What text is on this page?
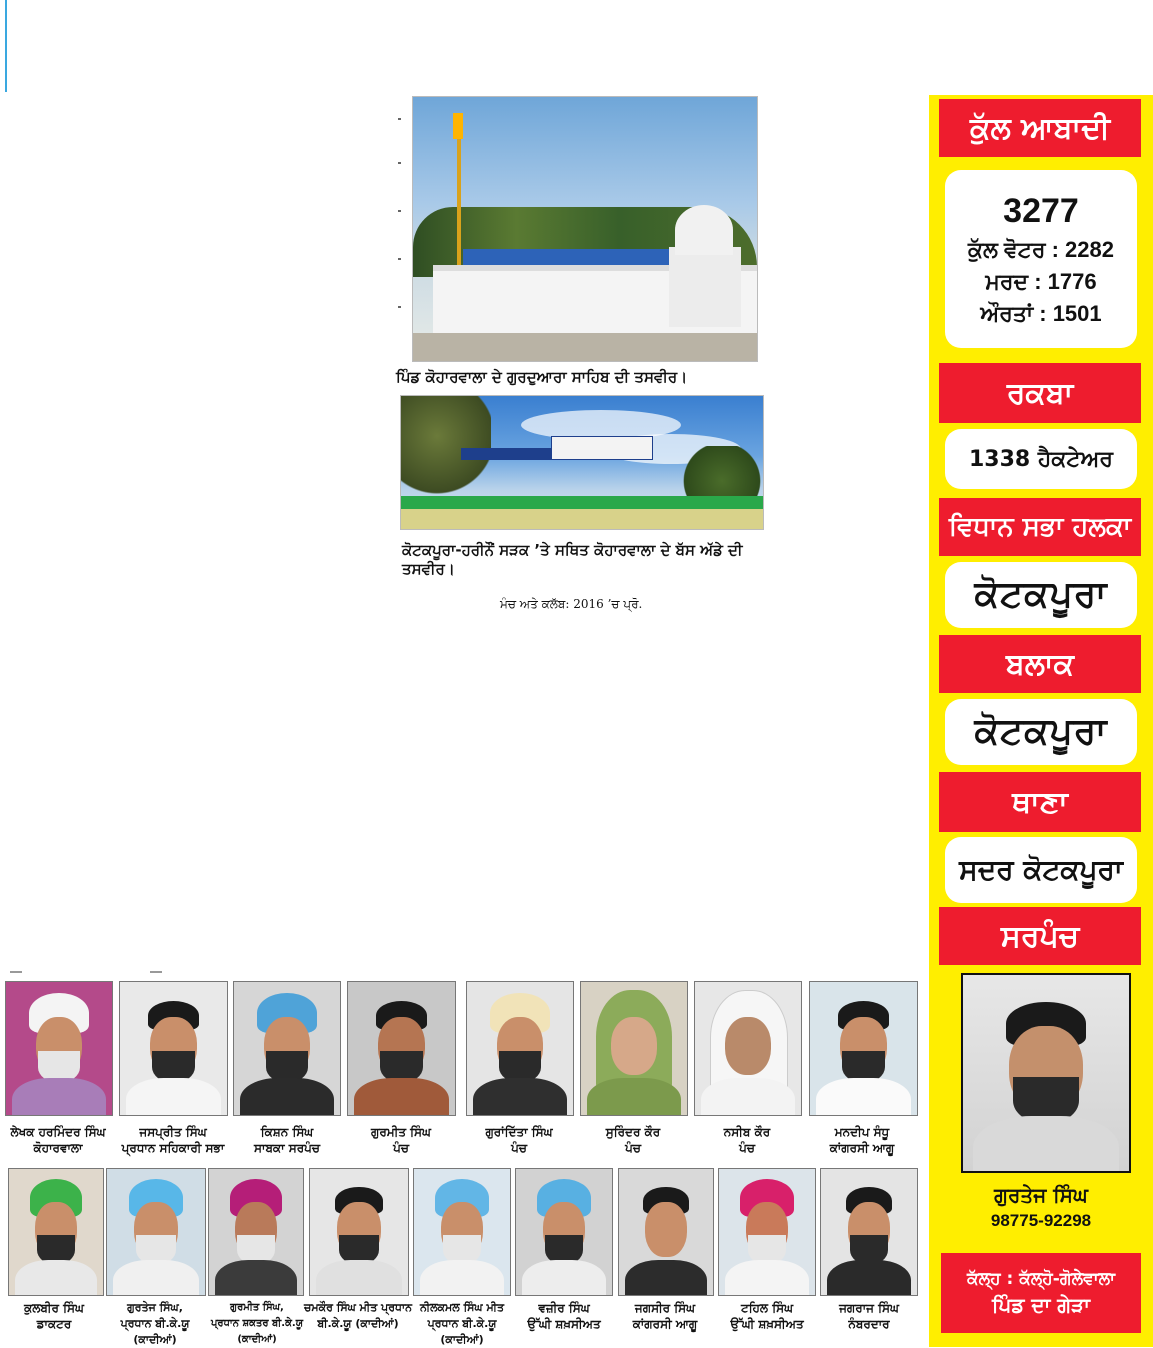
ਪਿੰਡ ਕੋਹਾਰਵਾਲਾ ਦੇ ਗੁਰਦੁਆਰਾ ਸਾਹਿਬ ਦੀ ਤਸਵੀਰ।
ਕੋਟਕਪੂਰਾ-ਹਰੀਨੌਂ ਸੜਕ ’ਤੇ ਸਥਿਤ ਕੋਹਾਰਵਾਲਾ ਦੇ ਬੱਸ ਅੱਡੇ ਦੀ ਤਸਵੀਰ।
ਮੰਚ ਅਤੇ ਕਲੱਬ: 2016 ’ਚ ਪ੍ਰੋ.
ਕੁੱਲ ਆਬਾਦੀ
3277
ਕੁੱਲ ਵੋਟਰ : 2282
ਮਰਦ : 1776
ਔਰਤਾਂ : 1501
ਰਕਬਾ
1338 ਹੈਕਟੇਅਰ
ਵਿਧਾਨ ਸਭਾ ਹਲਕਾ
ਕੋਟਕਪੂਰਾ
ਬਲਾਕ
ਕੋਟਕਪੂਰਾ
ਥਾਣਾ
ਸਦਰ ਕੋਟਕਪੂਰਾ
ਸਰਪੰਚ
ਗੁਰਤੇਜ ਸਿੰਘ
98775-92298
ਕੱਲ੍ਹ : ਕੱਲ੍ਹੋ-ਗੋਲੇਵਾਲਾ
ਪਿੰਡ ਦਾ ਗੇੜਾ
ਲੇਖਕ ਹਰਮਿੰਦਰ ਸਿੰਘ
ਕੋਹਾਰਵਾਲਾ
ਜਸਪ੍ਰੀਤ ਸਿੰਘ
ਪ੍ਰਧਾਨ ਸਹਿਕਾਰੀ ਸਭਾ
ਕਿਸ਼ਨ ਸਿੰਘ
ਸਾਬਕਾ ਸਰਪੰਚ
ਗੁਰਮੀਤ ਸਿੰਘ
ਪੰਚ
ਗੁਰਾਂਦਿੱਤਾ ਸਿੰਘ
ਪੰਚ
ਸੁਰਿੰਦਰ ਕੌਰ
ਪੰਚ
ਨਸੀਬ ਕੌਰ
ਪੰਚ
ਮਨਦੀਪ ਸੰਧੂ
ਕਾਂਗਰਸੀ ਆਗੂ
ਕੁਲਬੀਰ ਸਿੰਘ
ਡਾਕਟਰ
ਗੁਰਤੇਜ ਸਿੰਘ,
ਪ੍ਰਧਾਨ ਬੀ.ਕੇ.ਯੂ (ਕਾਦੀਆਂ)
ਗੁਰਮੀਤ ਸਿੰਘ,
ਪ੍ਰਧਾਨ ਸ਼ਕਤਰ ਬੀ.ਕੇ.ਯੂ (ਕਾਦੀਆਂ)
ਚਮਕੌਰ ਸਿੰਘ ਮੀਤ ਪ੍ਰਧਾਨ
ਬੀ.ਕੇ.ਯੂ (ਕਾਦੀਆਂ)
ਨੀਲਕਮਲ ਸਿੰਘ ਮੀਤ
ਪ੍ਰਧਾਨ ਬੀ.ਕੇ.ਯੂ (ਕਾਦੀਆਂ)
ਵਜ਼ੀਰ ਸਿੰਘ
ਉੱਘੀ ਸ਼ਖ਼ਸੀਅਤ
ਜਗਸੀਰ ਸਿੰਘ
ਕਾਂਗਰਸੀ ਆਗੂ
ਟਹਿਲ ਸਿੰਘ
ਉੱਘੀ ਸ਼ਖ਼ਸੀਅਤ
ਜਗਰਾਜ ਸਿੰਘ
ਨੰਬਰਦਾਰ
